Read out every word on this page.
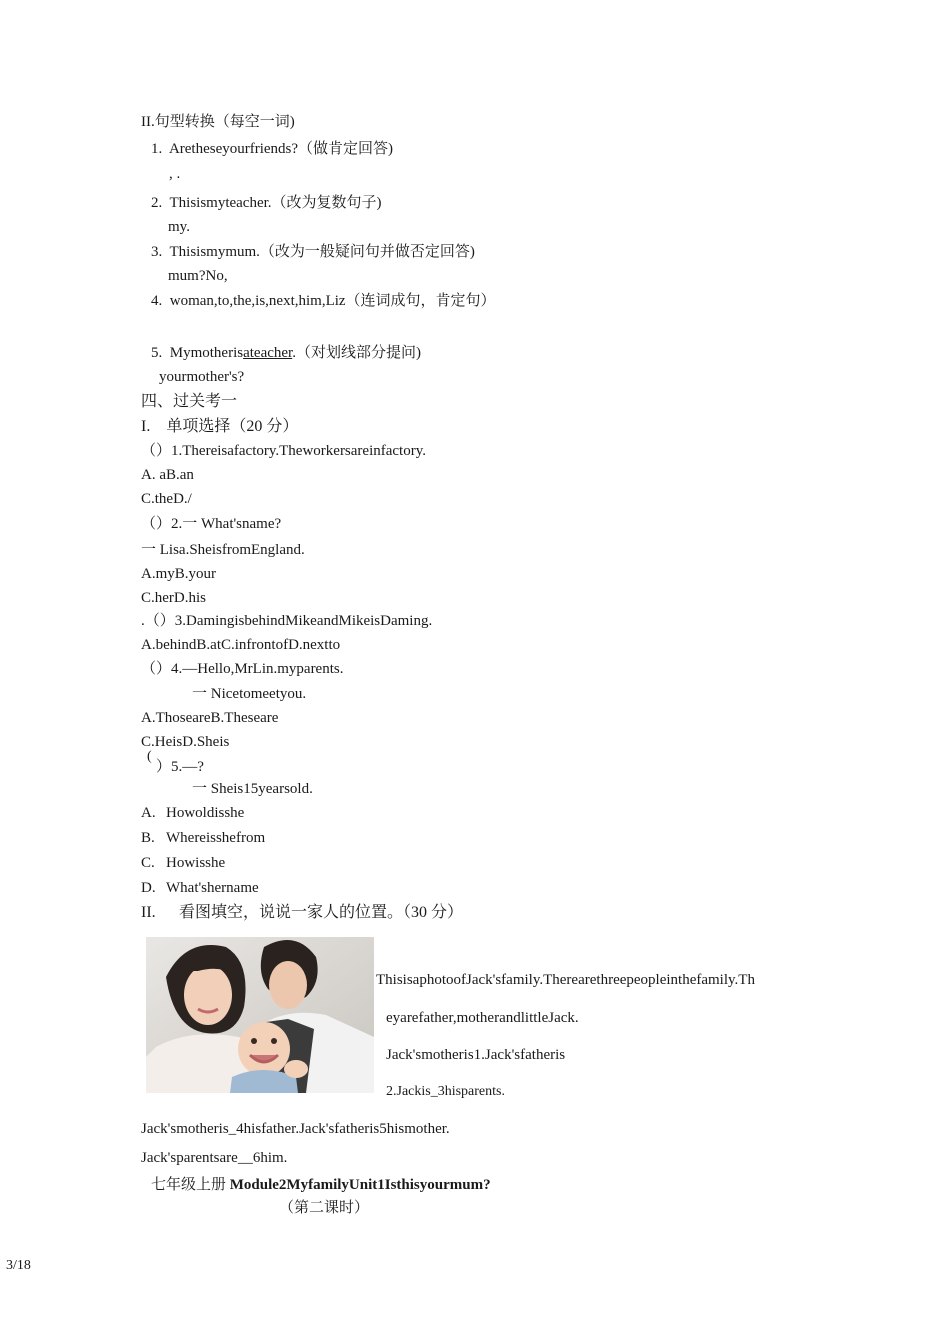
II.句型转换（每空一词)
1. Aretheseyourfriends?（做肯定回答)
, .
2. Thisismyteacher.（改为复数句子)
my.
3. Thisismymum.（改为一般疑问句并做否定回答)
mum?No,
4. woman,to,the,is,next,him,Liz（连词成句，肯定句）
5. Mymotherisateacher.（对划线部分提问)
yourmother's?
四、过关考一
I. 单项选择（20 分）
（）1.Thereisafactory.Theworkersareinfactory.
A. aB.an
C.theD./
（）2.一 What'sname?
一 Lisa.SheisfromEngland.
A.myB.your
C.herD.his
.（）3.DamingisbehindMikeandMikeisDaming.
A.behindB.atC.infrontofD.nextto
（）4.—Hello,MrLin.myparents.
一 Nicetomeetyou.
A.ThoseareB.Theseare
C.HeisD.Sheis
(
）5.—?
一 Sheis15yearsold.
A. Howoldisshe
B. Whereisshefrom
C. Howisshe
D. What'shername
II. 看图填空，说说一家人的位置。（30 分）
ThisisaphotoofJack'sfamily.Therearethreepeopleinthefamily.Th
eyarefather,motherandlittleJack.
Jack'smotheris1.Jack'sfatheris
2.Jackis_3hisparents.
Jack'smotheris_4hisfather.Jack'sfatheris5hismother.
Jack'sparentsare__6him.
七年级上册 Module2MyfamilyUnit1Isthisyourmum?
（第二课时）
3/18
